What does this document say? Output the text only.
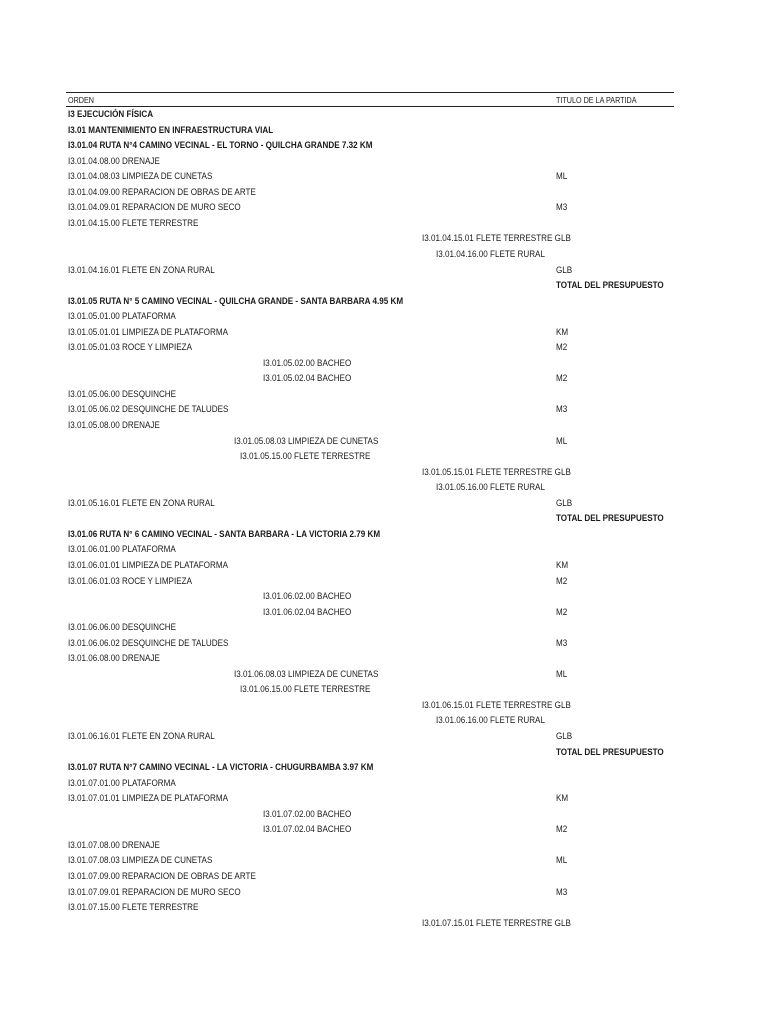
ORDEN	TITULO DE LA PARTIDA
I3 EJECUCIÓN FÍSICA
I3.01 MANTENIMIENTO EN INFRAESTRUCTURA VIAL
I3.01.04 RUTA N°4 CAMINO VECINAL - EL TORNO - QUILCHA GRANDE 7.32 KM
I3.01.04.08.00 DRENAJE
I3.01.04.08.03 LIMPIEZA DE CUNETAS	ML
I3.01.04.09.00 REPARACION DE OBRAS DE ARTE
I3.01.04.09.01 REPARACION DE MURO SECO	M3
I3.01.04.15.00 FLETE TERRESTRE
I3.01.04.15.01 FLETE TERRESTRE GLB
I3.01.04.16.00 FLETE RURAL
I3.01.04.16.01 FLETE EN ZONA RURAL	GLB
TOTAL DEL PRESUPUESTO
I3.01.05 RUTA N° 5 CAMINO VECINAL - QUILCHA GRANDE - SANTA BARBARA 4.95 KM
I3.01.05.01.00 PLATAFORMA
I3.01.05.01.01 LIMPIEZA DE PLATAFORMA	KM
I3.01.05.01.03 ROCE Y LIMPIEZA	M2
I3.01.05.02.00 BACHEO
I3.01.05.02.04 BACHEO	M2
I3.01.05.06.00 DESQUINCHE
I3.01.05.06.02 DESQUINCHE DE TALUDES	M3
I3.01.05.08.00 DRENAJE
I3.01.05.08.03 LIMPIEZA DE CUNETAS	ML
I3.01.05.15.00 FLETE TERRESTRE
I3.01.05.15.01 FLETE TERRESTRE GLB
I3.01.05.16.00 FLETE RURAL
I3.01.05.16.01 FLETE EN ZONA RURAL	GLB
TOTAL DEL PRESUPUESTO
I3.01.06 RUTA N° 6 CAMINO VECINAL - SANTA BARBARA - LA VICTORIA 2.79 KM
I3.01.06.01.00 PLATAFORMA
I3.01.06.01.01 LIMPIEZA DE PLATAFORMA	KM
I3.01.06.01.03 ROCE Y LIMPIEZA	M2
I3.01.06.02.00 BACHEO
I3.01.06.02.04 BACHEO	M2
I3.01.06.06.00 DESQUINCHE
I3.01.06.06.02 DESQUINCHE DE TALUDES	M3
I3.01.06.08.00 DRENAJE
I3.01.06.08.03 LIMPIEZA DE CUNETAS	ML
I3.01.06.15.00 FLETE TERRESTRE
I3.01.06.15.01 FLETE TERRESTRE GLB
I3.01.06.16.00 FLETE RURAL
I3.01.06.16.01 FLETE EN ZONA RURAL	GLB
TOTAL DEL PRESUPUESTO
I3.01.07 RUTA N°7 CAMINO VECINAL - LA VICTORIA - CHUGURBAMBA 3.97 KM
I3.01.07.01.00 PLATAFORMA
I3.01.07.01.01 LIMPIEZA DE PLATAFORMA	KM
I3.01.07.02.00 BACHEO
I3.01.07.02.04 BACHEO	M2
I3.01.07.08.00 DRENAJE
I3.01.07.08.03 LIMPIEZA DE CUNETAS	ML
I3.01.07.09.00 REPARACION DE OBRAS DE ARTE
I3.01.07.09.01 REPARACION DE MURO SECO	M3
I3.01.07.15.00 FLETE TERRESTRE
I3.01.07.15.01 FLETE TERRESTRE GLB
